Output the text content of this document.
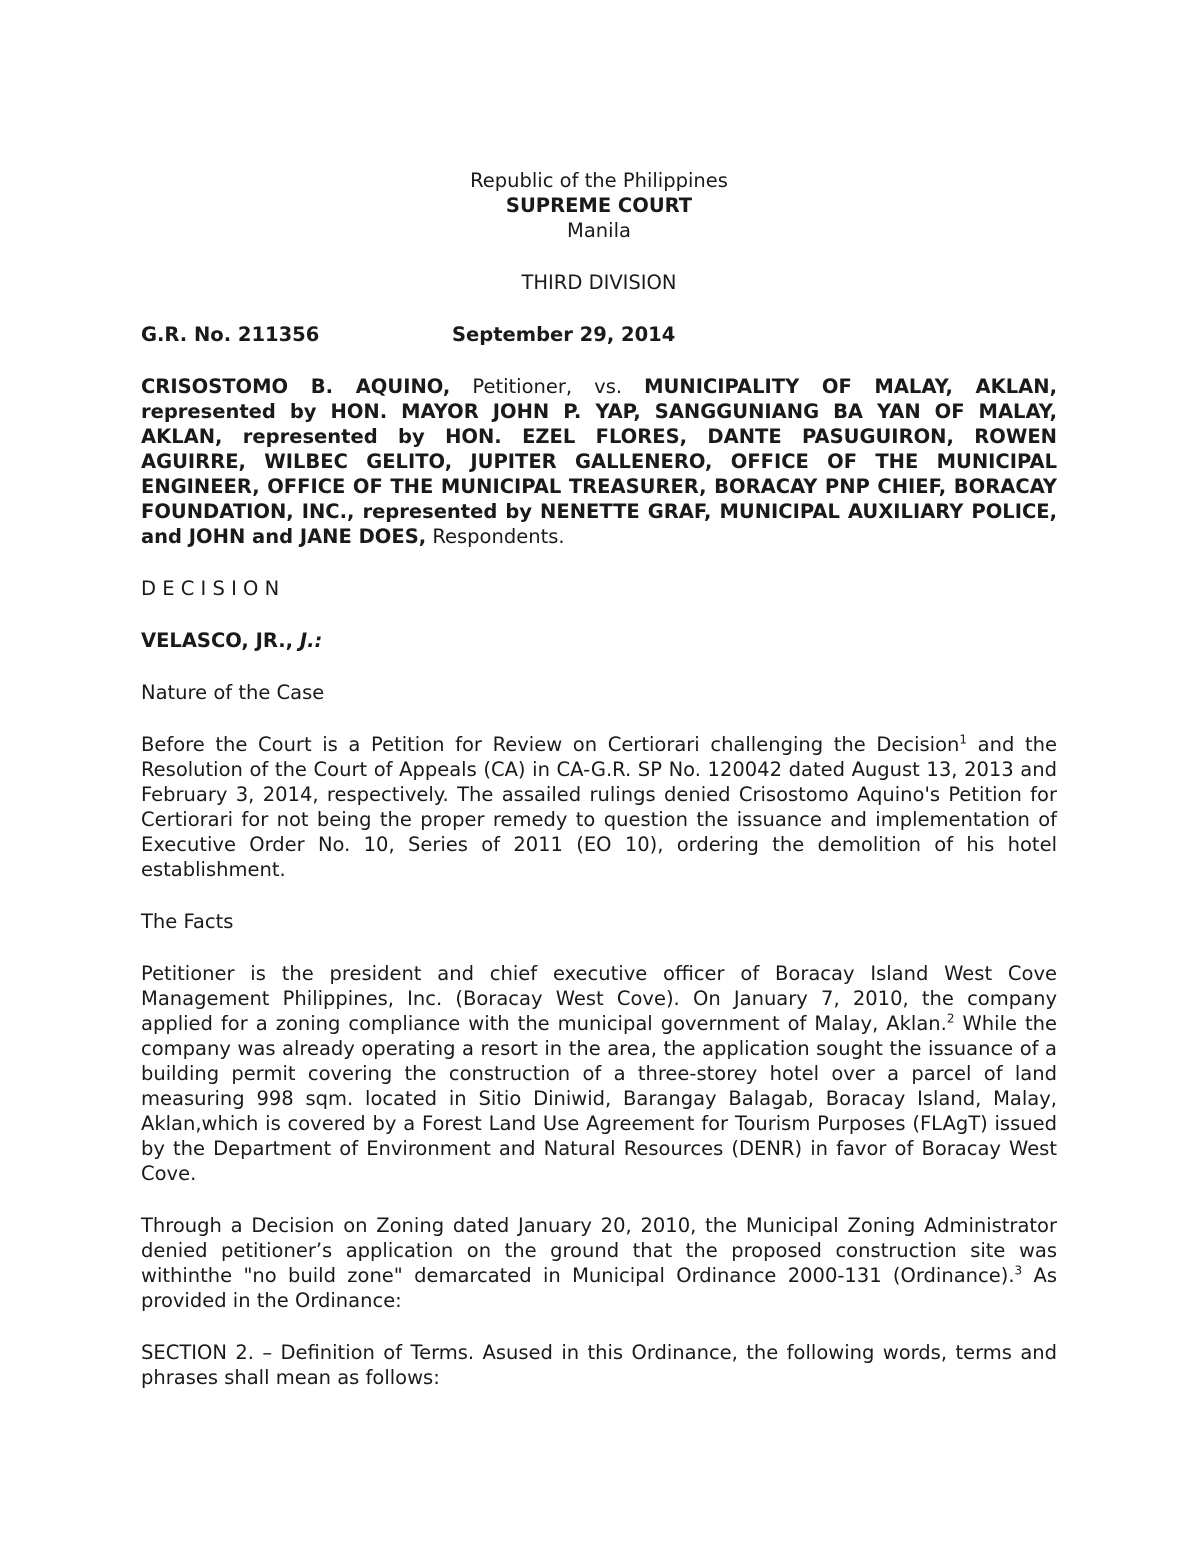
Republic of the Philippines

SUPREME COURT

Manila

THIRD DIVISION

G.R. No. 211356	September 29, 2014

CRISOSTOMO B. AQUINO, Petitioner, vs. MUNICIPALITY OF MALAY, AKLAN, represented by HON. MAYOR JOHN P. YAP, SANGGUNIANG BA YAN OF MALAY, AKLAN, represented by HON. EZEL FLORES, DANTE PASUGUIRON, ROWEN AGUIRRE, WILBEC GELITO, JUPITER GALLENERO, OFFICE OF THE MUNICIPAL ENGINEER, OFFICE OF THE MUNICIPAL TREASURER, BORACAY PNP CHIEF, BORACAY FOUNDATION, INC., represented by NENETTE GRAF, MUNICIPAL AUXILIARY POLICE, and JOHN and JANE DOES, Respondents.

D E C I S I O N

VELASCO, JR., J.:

Nature of the Case

Before the Court is a Petition for Review on Certiorari challenging the Decision$^1$ and the Resolution of the Court of Appeals (CA) in CA-G.R. SP No. 120042 dated August 13, 2013 and February 3, 2014, respectively. The assailed rulings denied Crisostomo Aquino's Petition for Certiorari for not being the proper remedy to question the issuance and implementation of Executive Order No. 10, Series of 2011 (EO 10), ordering the demolition of his hotel establishment.

The Facts

Petitioner is the president and chief executive officer of Boracay Island West Cove Management Philippines, Inc. (Boracay West Cove). On January 7, 2010, the company applied for a zoning compliance with the municipal government of Malay, Aklan.$^2$ While the company was already operating a resort in the area, the application sought the issuance of a building permit covering the construction of a three-storey hotel over a parcel of land measuring 998 sqm. located in Sitio Diniwid, Barangay Balagab, Boracay Island, Malay, Aklan,which is covered by a Forest Land Use Agreement for Tourism Purposes (FLAgT) issued by the Department of Environment and Natural Resources (DENR) in favor of Boracay West Cove.

Through a Decision on Zoning dated January 20, 2010, the Municipal Zoning Administrator denied petitioner’s application on the ground that the proposed construction site was withinthe "no build zone" demarcated in Municipal Ordinance 2000-131 (Ordinance).$^3$ As provided in the Ordinance:

SECTION 2. – Definition of Terms. Asused in this Ordinance, the following words, terms and phrases shall mean as follows:
